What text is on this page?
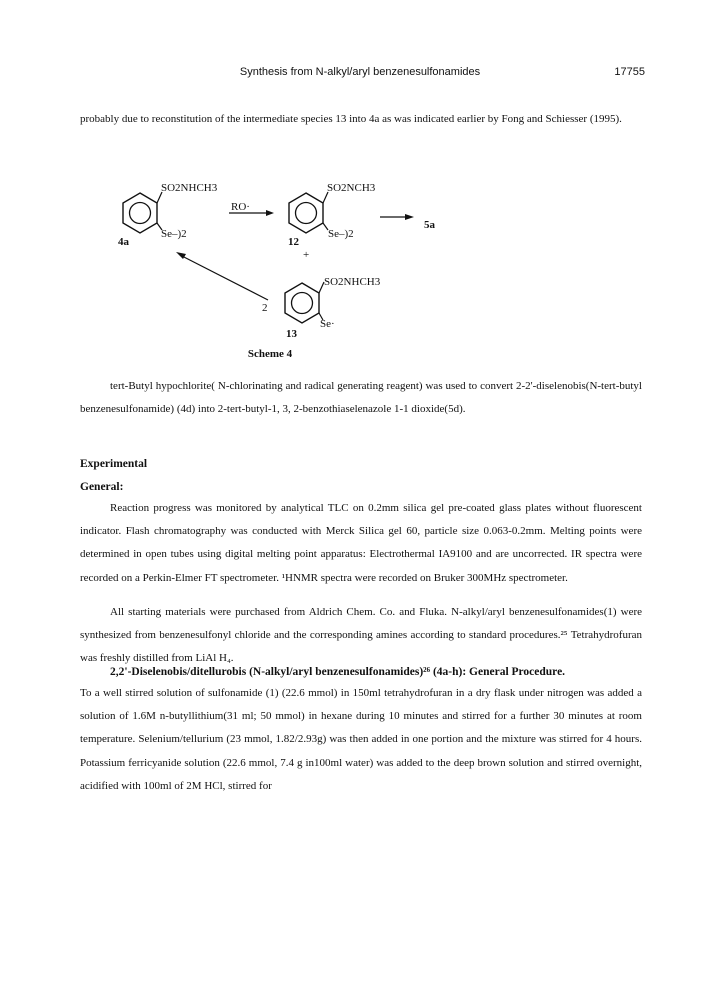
Synthesis from N-alkyl/aryl benzenesulfonamides	17755

probably due to reconstitution of the intermediate species 13 into 4a as was indicated earlier by Fong and Schiesser (1995).

SO2NHCH3
Se–)2
4a
RO·
SO2NCH3
Se–)2
12
+
5a
2
SO2NHCH3
Se·
13
Scheme 4

tert-Butyl hypochlorite( N-chlorinating and radical generating reagent) was used to convert 2-2'-diselenobis(N-tert-butyl benzenesulfonamide) (4d) into 2-tert-butyl-1, 3, 2-benzothiaselenazole 1-1 dioxide(5d).

Experimental

General:

Reaction progress was monitored by analytical TLC on 0.2mm silica gel pre-coated glass plates without fluorescent indicator. Flash chromatography was conducted with Merck Silica gel 60, particle size 0.063-0.2mm. Melting points were determined in open tubes using digital melting point apparatus: Electrothermal IA9100 and are uncorrected. IR spectra were recorded on a Perkin-Elmer FT spectrometer. ¹HNMR spectra were recorded on Bruker 300MHz spectrometer.

All starting materials were purchased from Aldrich Chem. Co. and Fluka. N-alkyl/aryl benzenesulfonamides(1) were synthesized from benzenesulfonyl chloride and the corresponding amines according to standard procedures.²⁵ Tetrahydrofuran was freshly distilled from LiAl H₄.

2,2'-Diselenobis/ditellurobis (N-alkyl/aryl benzenesulfonamides)²⁶ (4a-h): General Procedure.

To a well stirred solution of sulfonamide (1) (22.6 mmol) in 150ml tetrahydrofuran in a dry flask under nitrogen was added a solution of 1.6M n-butyllithium(31 ml; 50 mmol) in hexane during 10 minutes and stirred for a further 30 minutes at room temperature. Selenium/tellurium (23 mmol, 1.82/2.93g) was then added in one portion and the mixture was stirred for 4 hours. Potassium ferricyanide solution (22.6 mmol, 7.4 g in100ml water) was added to the deep brown solution and stirred overnight, acidified with 100ml of 2M HCl, stirred for
